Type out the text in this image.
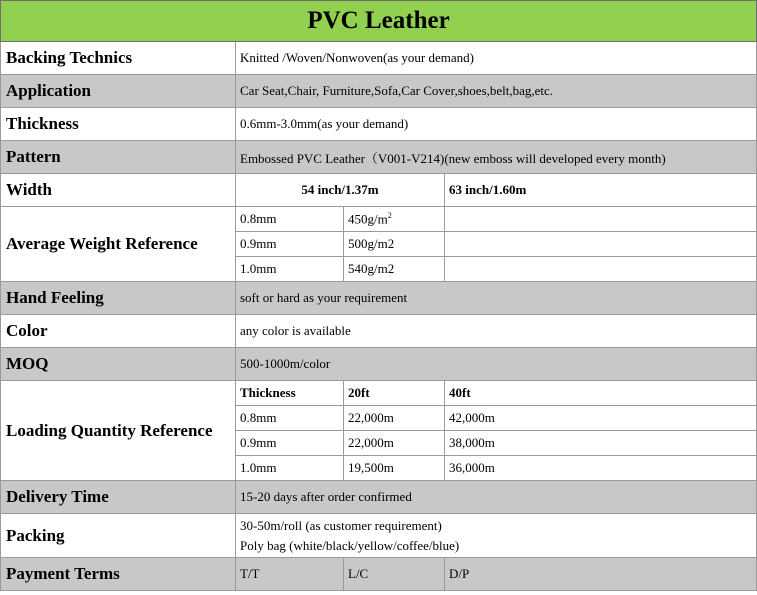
PVC Leather			
Backing Technics	Knitted /Woven/Nonwoven(as your demand)		
Application	Car Seat,Chair, Furniture,Sofa,Car Cover,shoes,belt,bag,etc.		
Thickness	0.6mm-3.0mm(as your demand)		
Pattern	Embossed PVC Leather（V001-V214)(new emboss will developed every month)		
Width	54 inch/1.37m		63 inch/1.60m
Average Weight Reference	0.8mm	$450g/m^2$	
	0.9mm	500g/m2	
	1.0mm	540g/m2	
Hand Feeling	soft or hard as your requirement		
Color	any color is available		
MOQ	500-1000m/color		
Loading Quantity Reference	Thickness	20ft	40ft
	0.8mm	22,000m	42,000m
	0.9mm	22,000m	38,000m
	1.0mm	19,500m	36,000m
Delivery Time	15-20 days after order confirmed		
Packing	30-50m/roll (as customer requirement)
Poly bag (white/black/yellow/coffee/blue)		

Payment Terms	T/T	L/C	D/P
